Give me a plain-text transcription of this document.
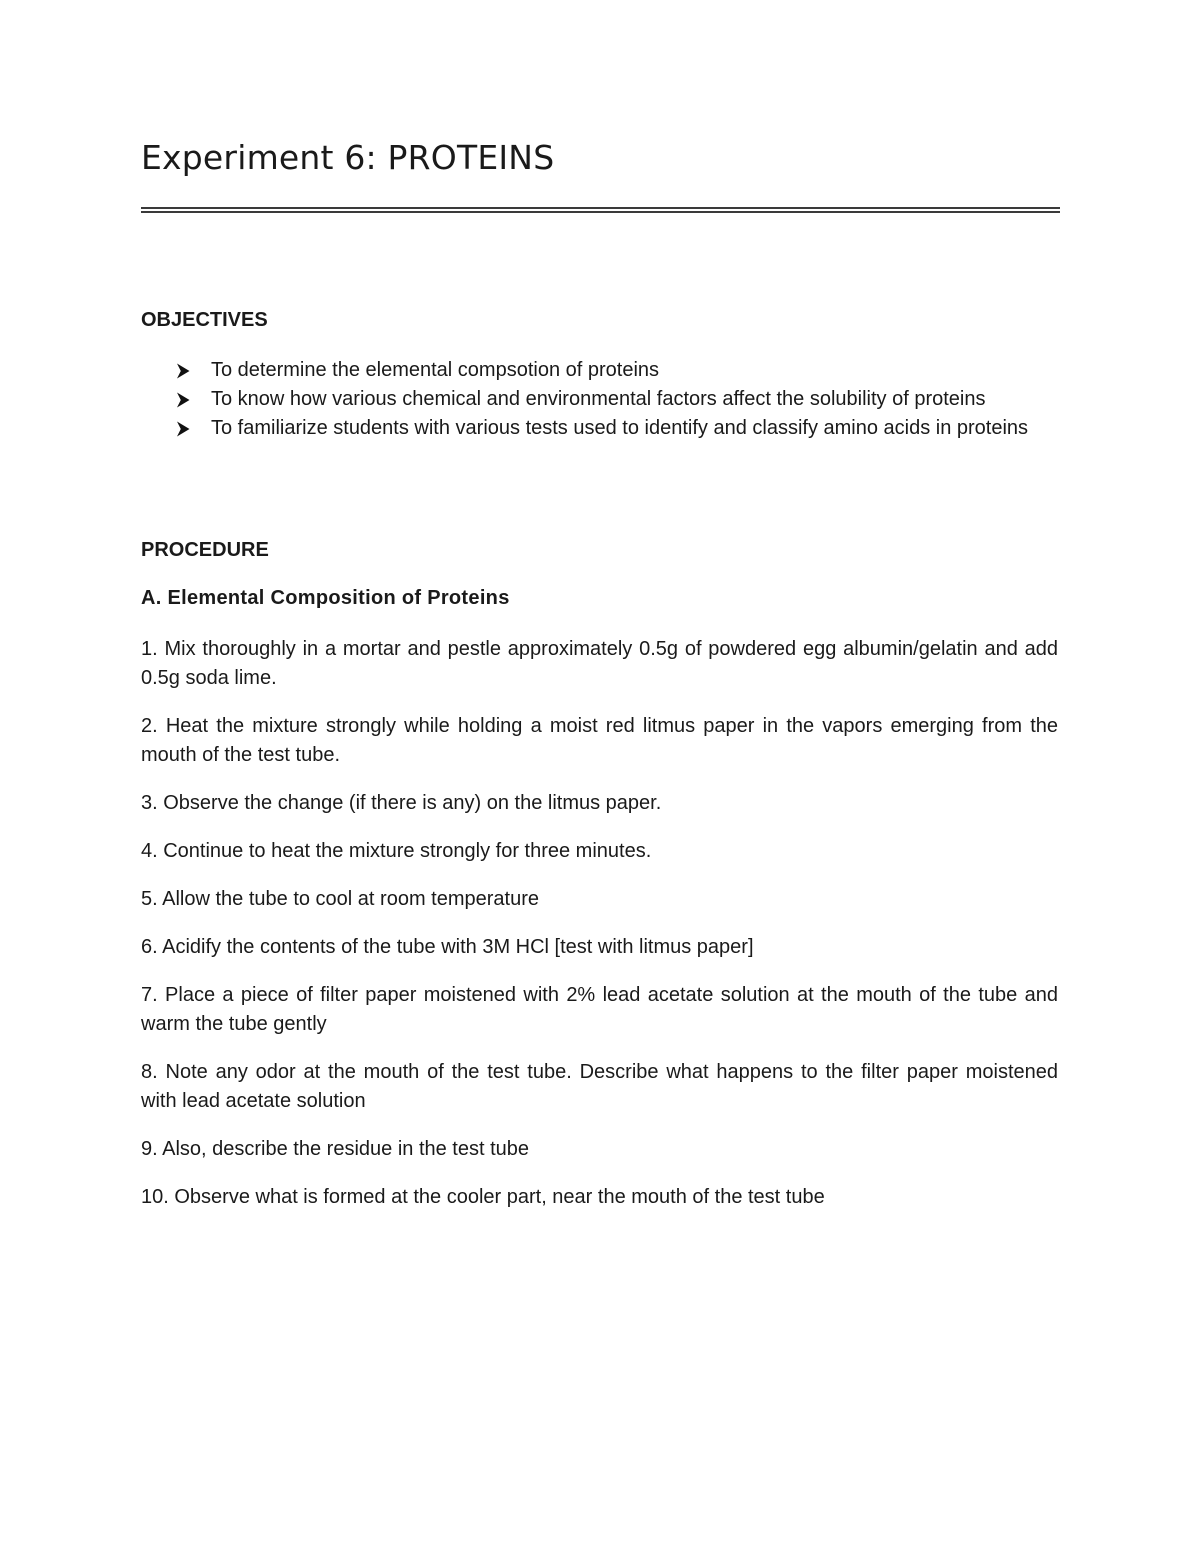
Experiment 6: PROTEINS
OBJECTIVES
To determine the elemental compsotion of proteins
To know how various chemical and environmental factors affect the solubility of proteins
To familiarize students with various tests used to identify and classify amino acids in proteins
PROCEDURE
A. Elemental Composition of Proteins
1. Mix thoroughly in a mortar and pestle approximately 0.5g of powdered egg albumin/gelatin and add 0.5g soda lime.
2. Heat the mixture strongly while holding a moist red litmus paper in the vapors emerging from the mouth of the test tube.
3. Observe the change (if there is any) on the litmus paper.
4. Continue to heat the mixture strongly for three minutes.
5. Allow the tube to cool at room temperature
6. Acidify the contents of the tube with 3M HCl [test with litmus paper]
7. Place a piece of filter paper moistened with 2% lead acetate solution at the mouth of the tube and warm the tube gently
8. Note any odor at the mouth of the test tube. Describe what happens to the filter paper moistened with lead acetate solution
9. Also, describe the residue in the test tube
10. Observe what is formed at the cooler part, near the mouth of the test tube
